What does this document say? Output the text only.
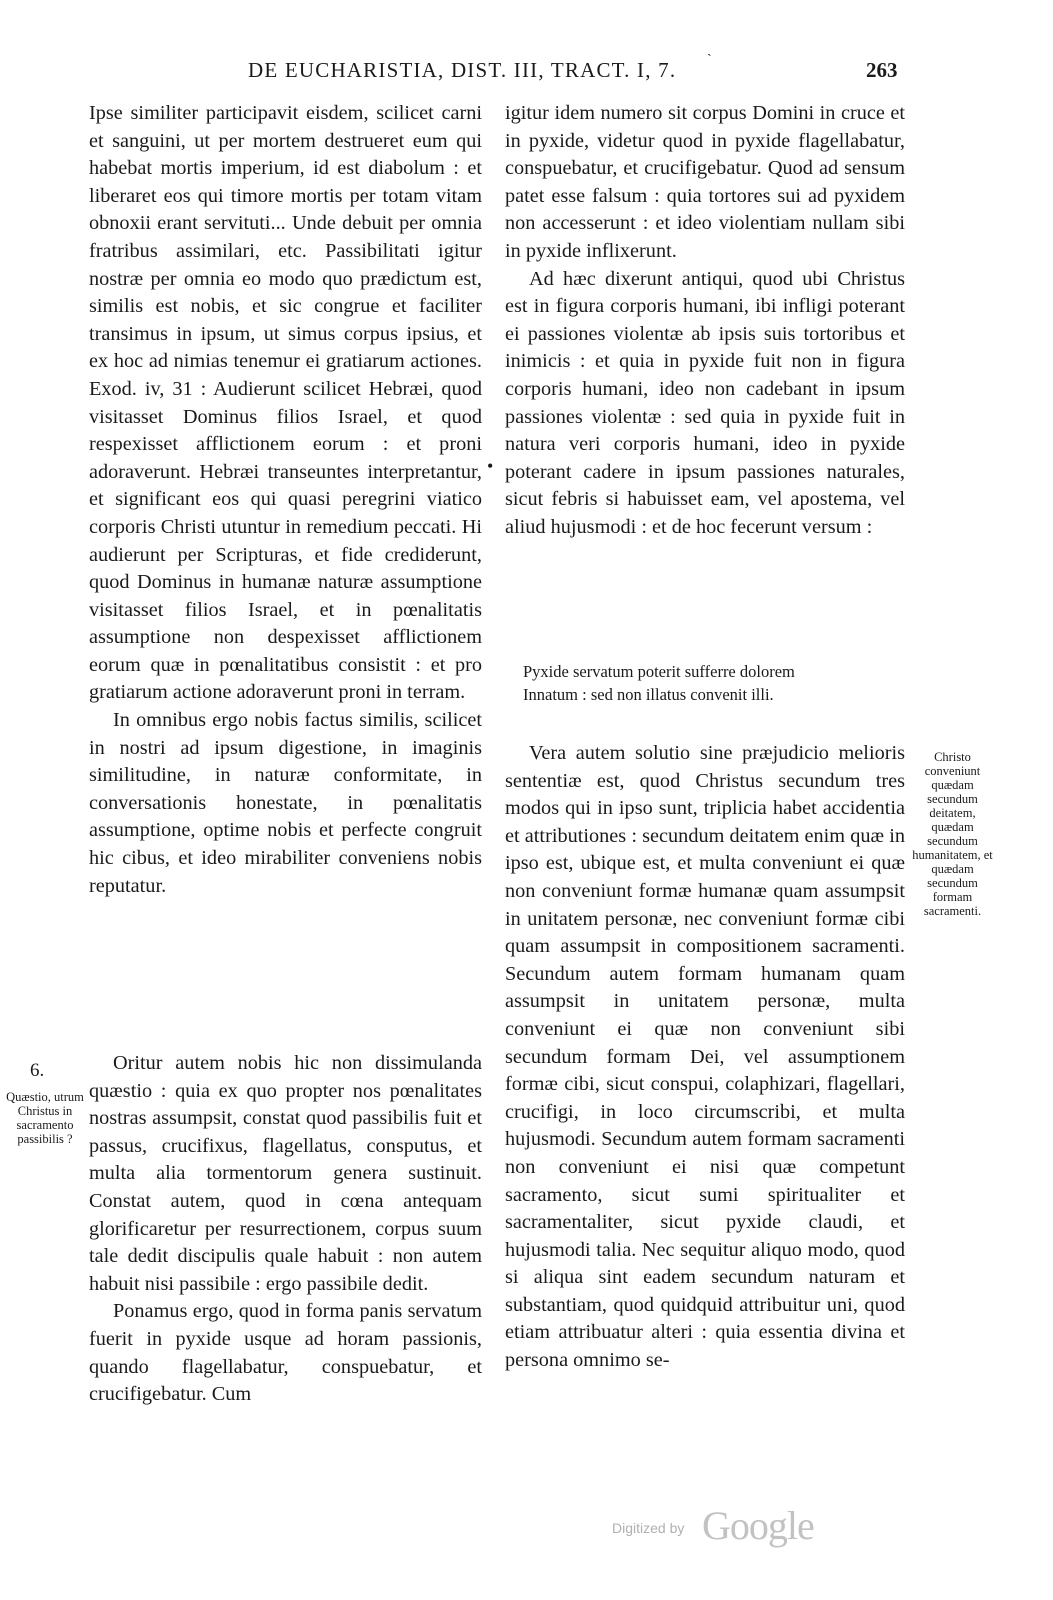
DE EUCHARISTIA, DIST. III, TRACT. I, 7.	263
ˏ

Ipse similiter participavit eisdem, scilicet carni et sanguini, ut per mortem destrueret eum qui habebat mortis imperium, id est diabolum : et liberaret eos qui timore mortis per totam vitam obnoxii erant servituti... Unde debuit per omnia fratribus assimilari, etc. Passibilitati igitur nostræ per omnia eo modo quo prædictum est, similis est nobis, et sic congrue et faciliter transimus in ipsum, ut simus corpus ipsius, et ex hoc ad nimias tenemur ei gratiarum actiones. Exod. iv, 31 : Audierunt scilicet Hebræi, quod visitasset Dominus filios Israel, et quod respexisset afflictionem eorum : et proni adoraverunt. Hebræi transeuntes interpretantur, et significant eos qui quasi peregrini viatico corporis Christi utuntur in remedium peccati. Hi audierunt per Scripturas, et fide crediderunt, quod Dominus in humanæ naturæ assumptione visitasset filios Israel, et in pœnalitatis assumptione non despexisset afflictionem eorum quæ in pœnalitatibus consistit : et pro gratiarum actione adoraverunt proni in terram.

In omnibus ergo nobis factus similis, scilicet in nostri ad ipsum digestione, in imaginis similitudine, in naturæ conformitate, in conversationis honestate, in pœnalitatis assumptione, optime nobis et perfecte congruit hic cibus, et ideo mirabiliter conveniens nobis reputatur.

Oritur autem nobis hic non dissimulanda quæstio : quia ex quo propter nos pœnalitates nostras assumpsit, constat quod passibilis fuit et passus, crucifixus, flagellatus, consputus, et multa alia tormentorum genera sustinuit. Constat autem, quod in cœna antequam glorificaretur per resurrectionem, corpus suum tale dedit discipulis quale habuit : non autem habuit nisi passibile : ergo passibile dedit.

Ponamus ergo, quod in forma panis servatum fuerit in pyxide usque ad horam passionis, quando flagellabatur, conspuebatur, et crucifigebatur. Cum

•

igitur idem numero sit corpus Domini in cruce et in pyxide, videtur quod in pyxide flagellabatur, conspuebatur, et crucifigebatur. Quod ad sensum patet esse falsum : quia tortores sui ad pyxidem non accesserunt : et ideo violentiam nullam sibi in pyxide inflixerunt.

Ad hæc dixerunt antiqui, quod ubi Christus est in figura corporis humani, ibi infligi poterant ei passiones violentæ ab ipsis suis tortoribus et inimicis : et quia in pyxide fuit non in figura corporis humani, ideo non cadebant in ipsum passiones violentæ : sed quia in pyxide fuit in natura veri corporis humani, ideo in pyxide poterant cadere in ipsum passiones naturales, sicut febris si habuisset eam, vel apostema, vel aliud hujusmodi : et de hoc fecerunt versum :

Pyxide servatum poterit sufferre dolorem
Innatum : sed non illatus convenit illi.

Vera autem solutio sine præjudicio melioris sententiæ est, quod Christus secundum tres modos qui in ipso sunt, triplicia habet accidentia et attributiones : secundum deitatem enim quæ in ipso est, ubique est, et multa conveniunt ei quæ non conveniunt formæ humanæ quam assumpsit in unitatem personæ, nec conveniunt formæ cibi quam assumpsit in compositionem sacramenti. Secundum autem formam humanam quam assumpsit in unitatem personæ, multa conveniunt ei quæ non conveniunt sibi secundum formam Dei, vel assumptionem formæ cibi, sicut conspui, colaphizari, flagellari, crucifigi, in loco circumscribi, et multa hujusmodi. Secundum autem formam sacramenti non conveniunt ei nisi quæ competunt sacramento, sicut sumi spiritualiter et sacramentaliter, sicut pyxide claudi, et hujusmodi talia. Nec sequitur aliquo modo, quod si aliqua sint eadem secundum naturam et substantiam, quod quidquid attribuitur uni, quod etiam attribuatur alteri : quia essentia divina et persona omnimo se-

6.
Quæstio, utrum Christus in sacramento passibilis ?
Christo conveniunt quædam secundum deitatem, quædam secundum humanitatem, et quædam secundum formam sacramenti.
Digitized by Google
